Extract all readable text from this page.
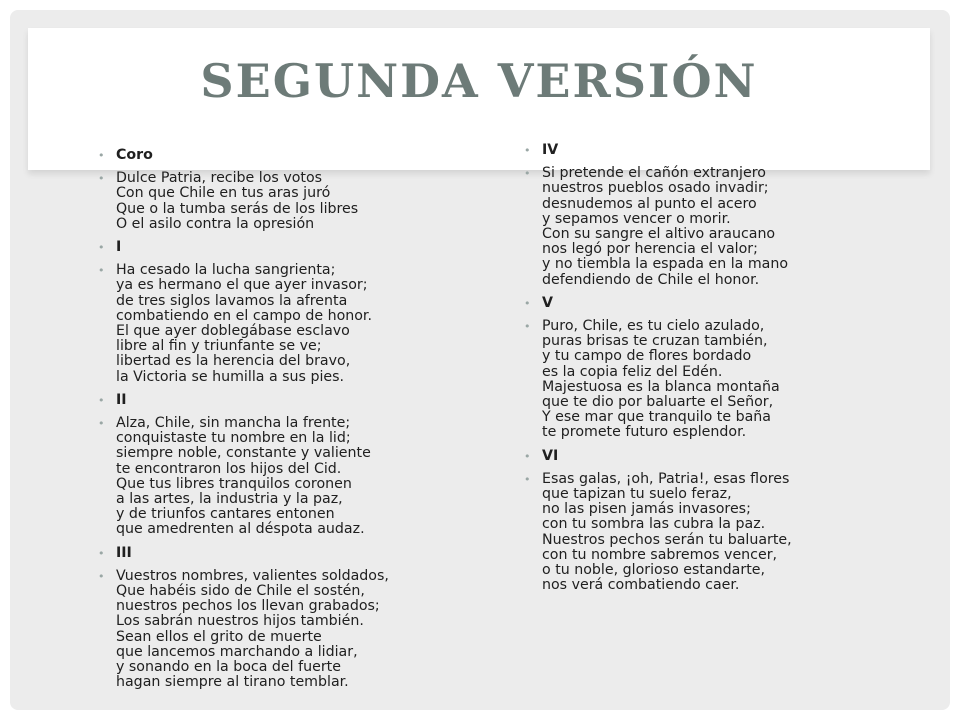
SEGUNDA VERSIÓN
• Coro
• Dulce Patria, recibe los votos
Con que Chile en tus aras juró
Que o la tumba serás de los libres
O el asilo contra la opresión
• I
• Ha cesado la lucha sangrienta;
ya es hermano el que ayer invasor;
de tres siglos lavamos la afrenta
combatiendo en el campo de honor.
El que ayer doblegábase esclavo
libre al fin y triunfante se ve;
libertad es la herencia del bravo,
la Victoria se humilla a sus pies.
• II
• Alza, Chile, sin mancha la frente;
conquistaste tu nombre en la lid;
siempre noble, constante y valiente
te encontraron los hijos del Cid.
Que tus libres tranquilos coronen
a las artes, la industria y la paz,
y de triunfos cantares entonen
que amedrenten al déspota audaz.
• III
• Vuestros nombres, valientes soldados,
Que habéis sido de Chile el sostén,
nuestros pechos los llevan grabados;
Los sabrán nuestros hijos también.
Sean ellos el grito de muerte
que lancemos marchando a lidiar,
y sonando en la boca del fuerte
hagan siempre al tirano temblar.
• IV
• Si pretende el cañón extranjero
nuestros pueblos osado invadir;
desnudemos al punto el acero
y sepamos vencer o morir.
Con su sangre el altivo araucano
nos legó por herencia el valor;
y no tiembla la espada en la mano
defendiendo de Chile el honor.
• V
• Puro, Chile, es tu cielo azulado,
puras brisas te cruzan también,
y tu campo de flores bordado
es la copia feliz del Edén.
Majestuosa es la blanca montaña
que te dio por baluarte el Señor,
Y ese mar que tranquilo te baña
te promete futuro esplendor.
• VI
• Esas galas, ¡oh, Patria!, esas flores
que tapizan tu suelo feraz,
no las pisen jamás invasores;
con tu sombra las cubra la paz.
Nuestros pechos serán tu baluarte,
con tu nombre sabremos vencer,
o tu noble, glorioso estandarte,
nos verá combatiendo caer.
